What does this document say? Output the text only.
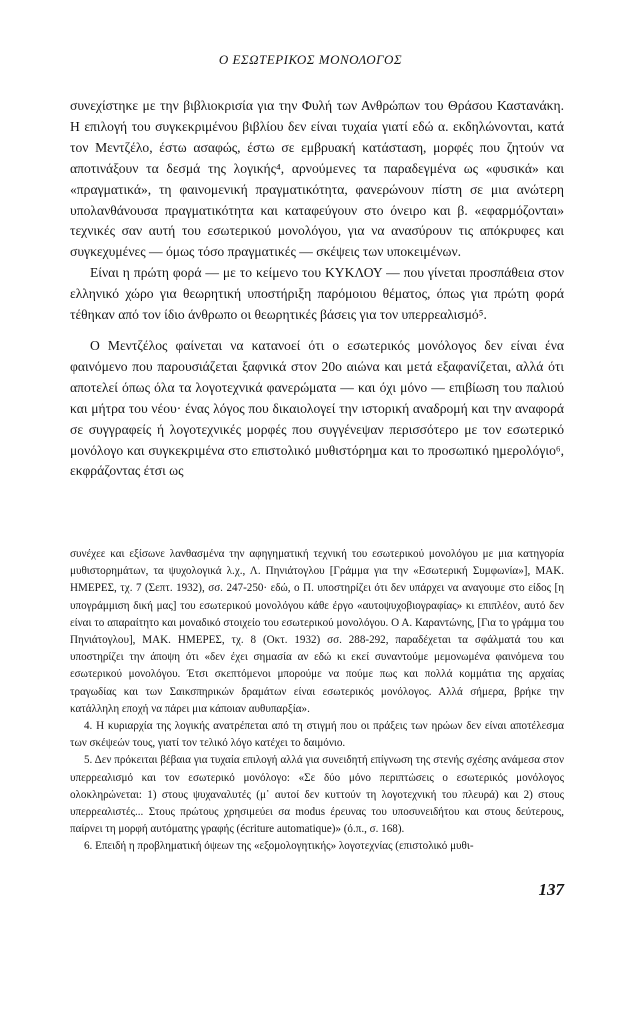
Ο ΕΣΩΤΕΡΙΚΟΣ ΜΟΝΟΛΟΓΟΣ

συνεχίστηκε με την βιβλιοκρισία για την Φυλή των Ανθρώπων του Θράσου Καστανάκη. Η επιλογή του συγκεκριμένου βιβλίου δεν είναι τυχαία γιατί εδώ α. εκδηλώνονται, κατά τον Μεντζέλο, έστω ασαφώς, έστω σε εμβρυακή κατάσταση, μορφές που ζητούν να αποτινάξουν τα δεσμά της λογικής⁴, αρνούμενες τα παραδεγμένα ως «φυσικά» και «πραγματικά», τη φαινομενική πραγματικότητα, φανερώνουν πίστη σε μια ανώτερη υπολανθάνουσα πραγματικότητα και καταφεύγουν στο όνειρο και β. «εφαρμόζονται» τεχνικές σαν αυτή του εσωτερικού μονολόγου, για να ανασύρουν τις απόκρυφες και συγκεχυμένες — όμως τόσο πραγματικές — σκέψεις των υποκειμένων.

Είναι η πρώτη φορά — με το κείμενο του ΚΥΚΛΟΥ — που γίνεται προσπάθεια στον ελληνικό χώρο για θεωρητική υποστήριξη παρόμοιου θέματος, όπως για πρώτη φορά τέθηκαν από τον ίδιο άνθρωπο οι θεωρητικές βάσεις για τον υπερρεαλισμό⁵.

Ο Μεντζέλος φαίνεται να κατανοεί ότι ο εσωτερικός μονόλογος δεν είναι ένα φαινόμενο που παρουσιάζεται ξαφνικά στον 20ο αιώνα και μετά εξαφανίζεται, αλλά ότι αποτελεί όπως όλα τα λογοτεχνικά φανερώματα — και όχι μόνο — επιβίωση του παλιού και μήτρα του νέου· ένας λόγος που δικαιολογεί την ιστορική αναδρομή και την αναφορά σε συγγραφείς ή λογοτεχνικές μορφές που συγγένεψαν περισσότερο με τον εσωτερικό μονόλογο και συγκεκριμένα στο επιστολικό μυθιστόρημα και το προσωπικό ημερολόγιο⁶, εκφράζοντας έτσι ως

συνέχεε και εξίσωνε λανθασμένα την αφηγηματική τεχνική του εσωτερικού μονολόγου με μια κατηγορία μυθιστορημάτων, τα ψυχολογικά λ.χ., Λ. Πηνιάτογλου [Γράμμα για την «Εσωτερική Συμφωνία»], ΜΑΚ. ΗΜΕΡΕΣ, τχ. 7 (Σεπτ. 1932), σσ. 247-250· εδώ, ο Π. υποστηρίζει ότι δεν υπάρχει να αναγουμε στο είδος [η υπογράμμιση δική μας] του εσωτερικού μονολόγου κάθε έργο «αυτοψυχοβιογραφίας» κι επιπλέον, αυτό δεν είναι το απαραίτητο και μοναδικό στοιχείο του εσωτερικού μονολόγου. Ο Α. Καραντώνης, [Για το γράμμα του Πηνιάτογλου], ΜΑΚ. ΗΜΕΡΕΣ, τχ. 8 (Οκτ. 1932) σσ. 288-292, παραδέχεται τα σφάλματά του και υποστηρίζει την άποψη ότι «δεν έχει σημασία αν εδώ κι εκεί συναντούμε μεμονωμένα φαινόμενα του εσωτερικού μονολόγου. Έτσι σκεπτόμενοι μπορούμε να πούμε πως και πολλά κομμάτια της αρχαίας τραγωδίας και των Σαικσπηρικών δραμάτων είναι εσωτερικός μονόλογος. Αλλά σήμερα, βρήκε την κατάλληλη εποχή να πάρει μια κάποιαν αυθυπαρξία».

4. Η κυριαρχία της λογικής ανατρέπεται από τη στιγμή που οι πράξεις των ηρώων δεν είναι αποτέλεσμα των σκέψεών τους, γιατί τον τελικό λόγο κατέχει το δαιμόνιο.

5. Δεν πρόκειται βέβαια για τυχαία επιλογή αλλά για συνειδητή επίγνωση της στενής σχέσης ανάμεσα στον υπερρεαλισμό και τον εσωτερικό μονόλογο: «Σε δύο μόνο περιπτώσεις ο εσωτερικός μονόλογος ολοκληρώνεται: 1) στους ψυχαναλυτές (μ᾿ αυτοί δεν κυττούν τη λογοτεχνική του πλευρά) και 2) στους υπερρεαλιστές... Στους πρώτους χρησιμεύει σα modus έρευνας του υποσυνειδήτου και στους δεύτερους, παίρνει τη μορφή αυτόματης γραφής (écriture automatique)» (ό.π., σ. 168).

6. Επειδή η προβληματική όψεων της «εξομολογητικής» λογοτεχνίας (επιστολικό μυθι-

137
